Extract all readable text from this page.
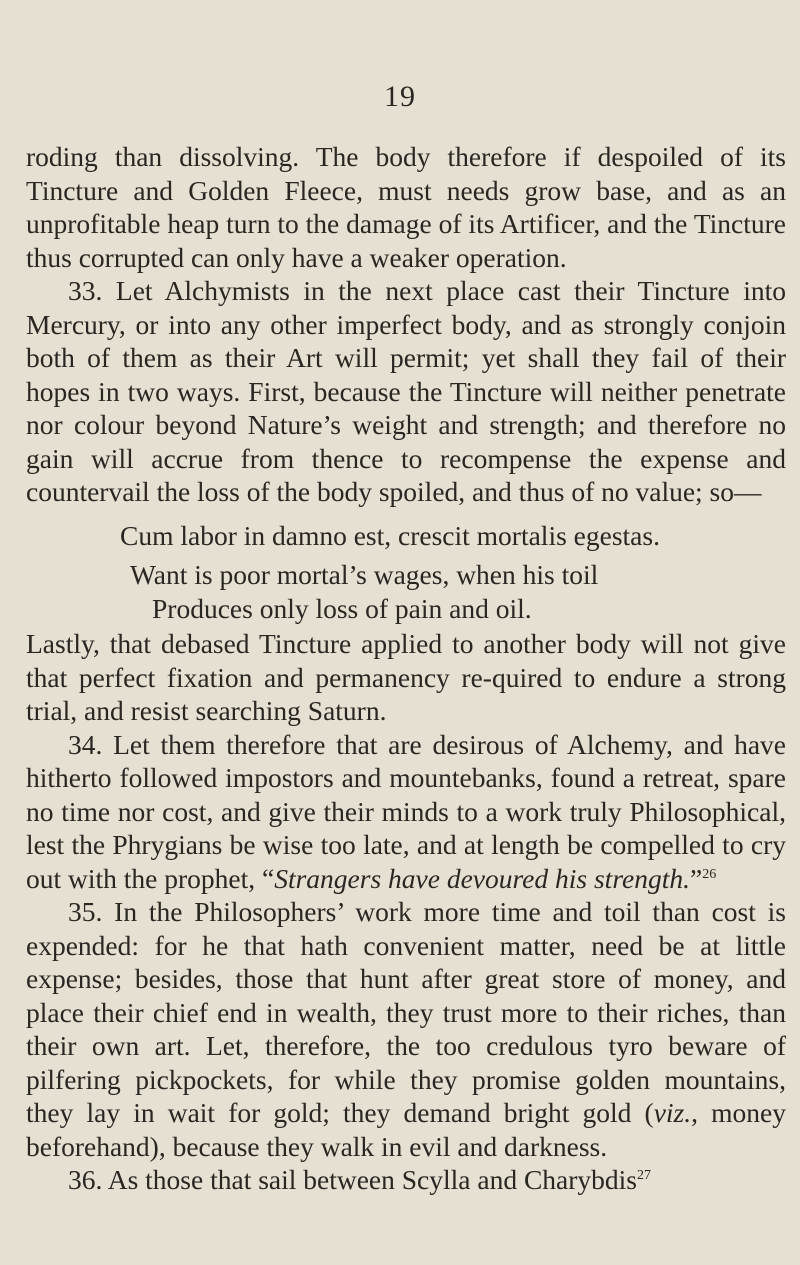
19

roding than dissolving. The body therefore if despoiled of its Tincture and Golden Fleece, must needs grow base, and as an unprofitable heap turn to the damage of its Artificer, and the Tincture thus corrupted can only have a weaker operation.

33. Let Alchymists in the next place cast their Tincture into Mercury, or into any other imperfect body, and as strongly conjoin both of them as their Art will permit; yet shall they fail of their hopes in two ways. First, because the Tincture will neither penetrate nor colour beyond Nature’s weight and strength; and therefore no gain will accrue from thence to recompense the expense and countervail the loss of the body spoiled, and thus of no value; so—

Cum labor in damno est, crescit mortalis egestas.

Want is poor mortal’s wages, when his toil

Produces only loss of pain and oil.

Lastly, that debased Tincture applied to another body will not give that perfect fixation and permanency re-quired to endure a strong trial, and resist searching Saturn.

34. Let them therefore that are desirous of Alchemy, and have hitherto followed impostors and mountebanks, found a retreat, spare no time nor cost, and give their minds to a work truly Philosophical, lest the Phrygians be wise too late, and at length be compelled to cry out with the prophet, “Strangers have devoured his strength.”$^{26}$

35. In the Philosophers’ work more time and toil than cost is expended: for he that hath convenient matter, need be at little expense; besides, those that hunt after great store of money, and place their chief end in wealth, they trust more to their riches, than their own art. Let, therefore, the too credulous tyro beware of pilfering pickpockets, for while they promise golden mountains, they lay in wait for gold; they demand bright gold (viz., money beforehand), because they walk in evil and darkness.

36. As those that sail between Scylla and Charybdis$^{27}$
